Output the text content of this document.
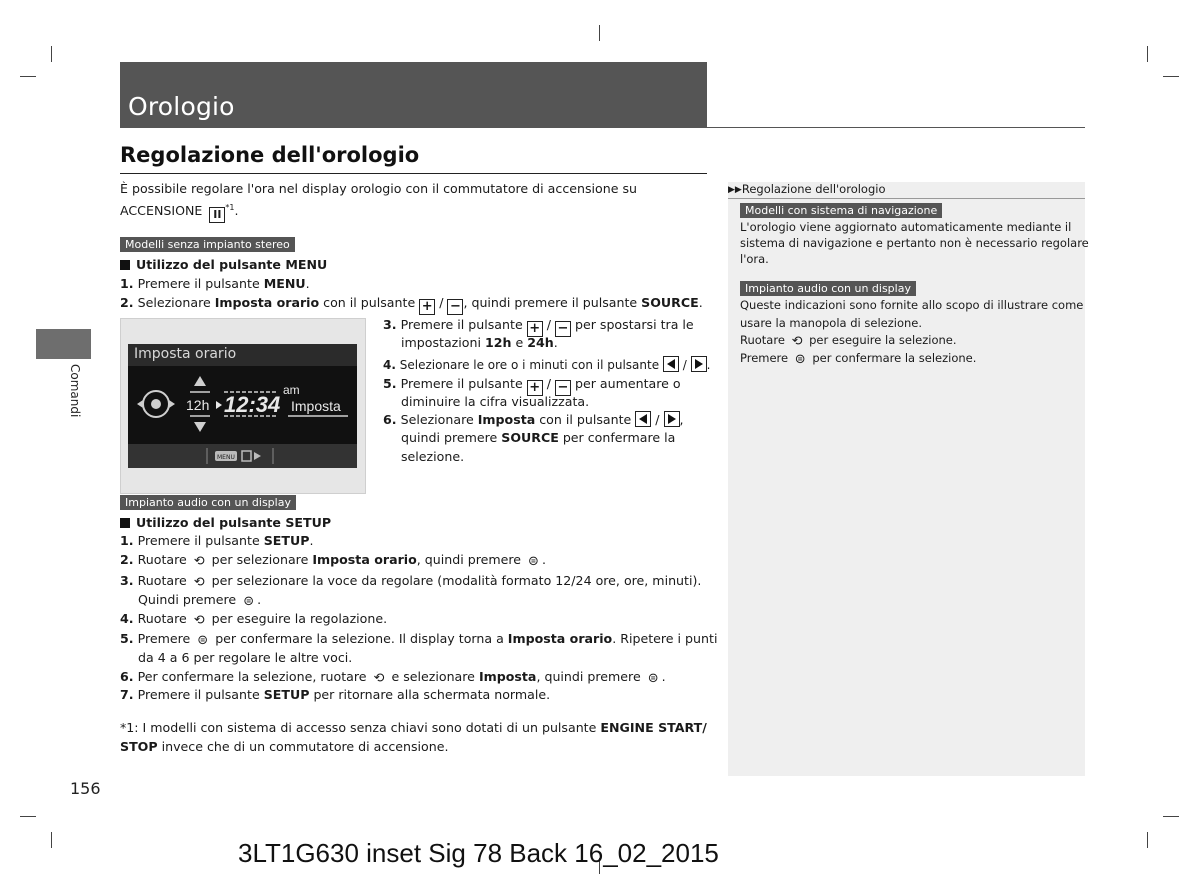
Orologio
Comandi
Regolazione dell'orologio
È possibile regolare l'ora nel display orologio con il commutatore di accensione su
ACCENSIONE II$^{*1}$.
Modelli senza impianto stereo
Utilizzo del pulsante MENU
1. Premere il pulsante MENU.
2. Selezionare Imposta orario con il pulsante + / − , quindi premere il pulsante SOURCE.
Imposta orario
12h 12:34
am
Imposta
MENU
3. Premere il pulsante + / − per spostarsi tra le
impostazioni 12h e 24h.
4. Selezionare le ore o i minuti con il pulsante
/
.
5. Premere il pulsante + / − per aumentare o
diminuire la cifra visualizzata.
6. Selezionare Imposta con il pulsante
/
,
quindi premere SOURCE per confermare la
selezione.
Impianto audio con un display
Utilizzo del pulsante SETUP
1. Premere il pulsante SETUP.
2. Ruotare ⟲ per selezionare Imposta orario, quindi premere ⊜ .
3. Ruotare ⟲ per selezionare la voce da regolare (modalità formato 12/24 ore, ore, minuti).
Quindi premere ⊜ .
4. Ruotare ⟲ per eseguire la regolazione.
5. Premere ⊜ per confermare la selezione. Il display torna a Imposta orario. Ripetere i punti
da 4 a 6 per regolare le altre voci.
6. Per confermare la selezione, ruotare ⟲ e selezionare Imposta, quindi premere ⊜ .
7. Premere il pulsante SETUP per ritornare alla schermata normale.
*1: I modelli con sistema di accesso senza chiavi sono dotati di un pulsante ENGINE START/
STOP invece che di un commutatore di accensione.
▶▶Regolazione dell'orologio
Modelli con sistema di navigazione
L'orologio viene aggiornato automaticamente mediante il
sistema di navigazione e pertanto non è necessario regolare
l'ora.
Impianto audio con un display
Queste indicazioni sono fornite allo scopo di illustrare come
usare la manopola di selezione.
Ruotare ⟲ per eseguire la selezione.
Premere ⊜ per confermare la selezione.
156
3LT1G630 inset Sig 78 Back 16_02_2015
